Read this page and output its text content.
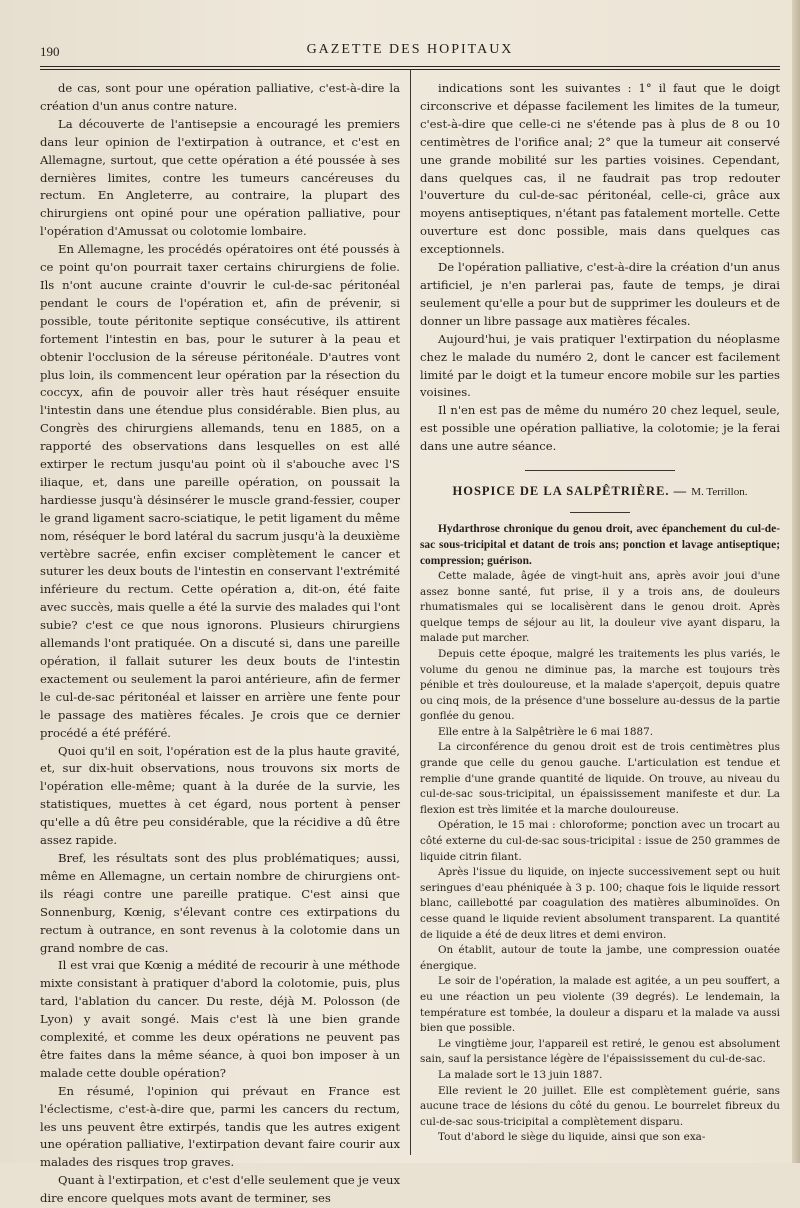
190	GAZETTE DES HOPITAUX

de cas, sont pour une opération palliative, c'est-à-dire la création d'un anus contre nature.

La découverte de l'antisepsie a encouragé les premiers dans leur opinion de l'extirpation à outrance, et c'est en Allemagne, surtout, que cette opération a été poussée à ses dernières limites, contre les tumeurs cancéreuses du rectum. En Angleterre, au contraire, la plupart des chirurgiens ont opiné pour une opération palliative, pour l'opération d'Amussat ou colotomie lombaire.

En Allemagne, les procédés opératoires ont été poussés à ce point qu'on pourrait taxer certains chirurgiens de folie. Ils n'ont aucune crainte d'ouvrir le cul-de-sac péritonéal pendant le cours de l'opération et, afin de prévenir, si possible, toute péritonite septique consécutive, ils attirent fortement l'intestin en bas, pour le suturer à la peau et obtenir l'occlusion de la séreuse péritonéale. D'autres vont plus loin, ils commencent leur opération par la résection du coccyx, afin de pouvoir aller très haut réséquer ensuite l'intestin dans une étendue plus considérable. Bien plus, au Congrès des chirurgiens allemands, tenu en 1885, on a rapporté des observations dans lesquelles on est allé extirper le rectum jusqu'au point où il s'abouche avec l'S iliaque, et, dans une pareille opération, on poussait la hardiesse jusqu'à désinsérer le muscle grand-fessier, couper le grand ligament sacro-sciatique, le petit ligament du même nom, réséquer le bord latéral du sacrum jusqu'à la deuxième vertèbre sacrée, enfin exciser complètement le cancer et suturer les deux bouts de l'intestin en conservant l'extrémité inférieure du rectum. Cette opération a, dit-on, été faite avec succès, mais quelle a été la survie des malades qui l'ont subie? c'est ce que nous ignorons. Plusieurs chirurgiens allemands l'ont pratiquée. On a discuté si, dans une pareille opération, il fallait suturer les deux bouts de l'intestin exactement ou seulement la paroi antérieure, afin de fermer le cul-de-sac péritonéal et laisser en arrière une fente pour le passage des matières fécales. Je crois que ce dernier procédé a été préféré.

Quoi qu'il en soit, l'opération est de la plus haute gravité, et, sur dix-huit observations, nous trouvons six morts de l'opération elle-même; quant à la durée de la survie, les statistiques, muettes à cet égard, nous portent à penser qu'elle a dû être peu considérable, que la récidive a dû être assez rapide.

Bref, les résultats sont des plus problématiques; aussi, même en Allemagne, un certain nombre de chirurgiens ont-ils réagi contre une pareille pratique. C'est ainsi que Sonnenburg, Kœnig, s'élevant contre ces extirpations du rectum à outrance, en sont revenus à la colotomie dans un grand nombre de cas.

Il est vrai que Kœnig a médité de recourir à une méthode mixte consistant à pratiquer d'abord la colotomie, puis, plus tard, l'ablation du cancer. Du reste, déjà M. Polosson (de Lyon) y avait songé. Mais c'est là une bien grande complexité, et comme les deux opérations ne peuvent pas être faites dans la même séance, à quoi bon imposer à un malade cette double opération?

En résumé, l'opinion qui prévaut en France est l'éclectisme, c'est-à-dire que, parmi les cancers du rectum, les uns peuvent être extirpés, tandis que les autres exigent une opération palliative, l'extirpation devant faire courir aux malades des risques trop graves.

Quant à l'extirpation, et c'est d'elle seulement que je veux dire encore quelques mots avant de terminer, ses

indications sont les suivantes : 1° il faut que le doigt circonscrive et dépasse facilement les limites de la tumeur, c'est-à-dire que celle-ci ne s'étende pas à plus de 8 ou 10 centimètres de l'orifice anal; 2° que la tumeur ait conservé une grande mobilité sur les parties voisines. Cependant, dans quelques cas, il ne faudrait pas trop redouter l'ouverture du cul-de-sac péritonéal, celle-ci, grâce aux moyens antiseptiques, n'étant pas fatalement mortelle. Cette ouverture est donc possible, mais dans quelques cas exceptionnels.

De l'opération palliative, c'est-à-dire la création d'un anus artificiel, je n'en parlerai pas, faute de temps, je dirai seulement qu'elle a pour but de supprimer les douleurs et de donner un libre passage aux matières fécales.

Aujourd'hui, je vais pratiquer l'extirpation du néoplasme chez le malade du numéro 2, dont le cancer est facilement limité par le doigt et la tumeur encore mobile sur les parties voisines.

Il n'en est pas de même du numéro 20 chez lequel, seule, est possible une opération palliative, la colotomie; je la ferai dans une autre séance.

HOSPICE DE LA SALPÊTRIÈRE. — M. Terrillon.

Hydarthrose chronique du genou droit, avec épanchement du cul-de-sac sous-tricipital et datant de trois ans; ponction et lavage antiseptique; compression; guérison.

Cette malade, âgée de vingt-huit ans, après avoir joui d'une assez bonne santé, fut prise, il y a trois ans, de douleurs rhumatismales qui se localisèrent dans le genou droit. Après quelque temps de séjour au lit, la douleur vive ayant disparu, la malade put marcher.

Depuis cette époque, malgré les traitements les plus variés, le volume du genou ne diminue pas, la marche est toujours très pénible et très douloureuse, et la malade s'aperçoit, depuis quatre ou cinq mois, de la présence d'une bosselure au-dessus de la partie gonflée du genou.

Elle entre à la Salpêtrière le 6 mai 1887.

La circonférence du genou droit est de trois centimètres plus grande que celle du genou gauche. L'articulation est tendue et remplie d'une grande quantité de liquide. On trouve, au niveau du cul-de-sac sous-tricipital, un épaississement manifeste et dur. La flexion est très limitée et la marche douloureuse.

Opération, le 15 mai : chloroforme; ponction avec un trocart au côté externe du cul-de-sac sous-tricipital : issue de 250 grammes de liquide citrin filant.

Après l'issue du liquide, on injecte successivement sept ou huit seringues d'eau phéniquée à 3 p. 100; chaque fois le liquide ressort blanc, caillebotté par coagulation des matières albuminoïdes. On cesse quand le liquide revient absolument transparent. La quantité de liquide a été de deux litres et demi environ.

On établit, autour de toute la jambe, une compression ouatée énergique.

Le soir de l'opération, la malade est agitée, a un peu souffert, a eu une réaction un peu violente (39 degrés). Le lendemain, la température est tombée, la douleur a disparu et la malade va aussi bien que possible.

Le vingtième jour, l'appareil est retiré, le genou est absolument sain, sauf la persistance légère de l'épaississement du cul-de-sac.

La malade sort le 13 juin 1887.

Elle revient le 20 juillet. Elle est complètement guérie, sans aucune trace de lésions du côté du genou. Le bourrelet fibreux du cul-de-sac sous-tricipital a complètement disparu.

Tout d'abord le siège du liquide, ainsi que son exa-
